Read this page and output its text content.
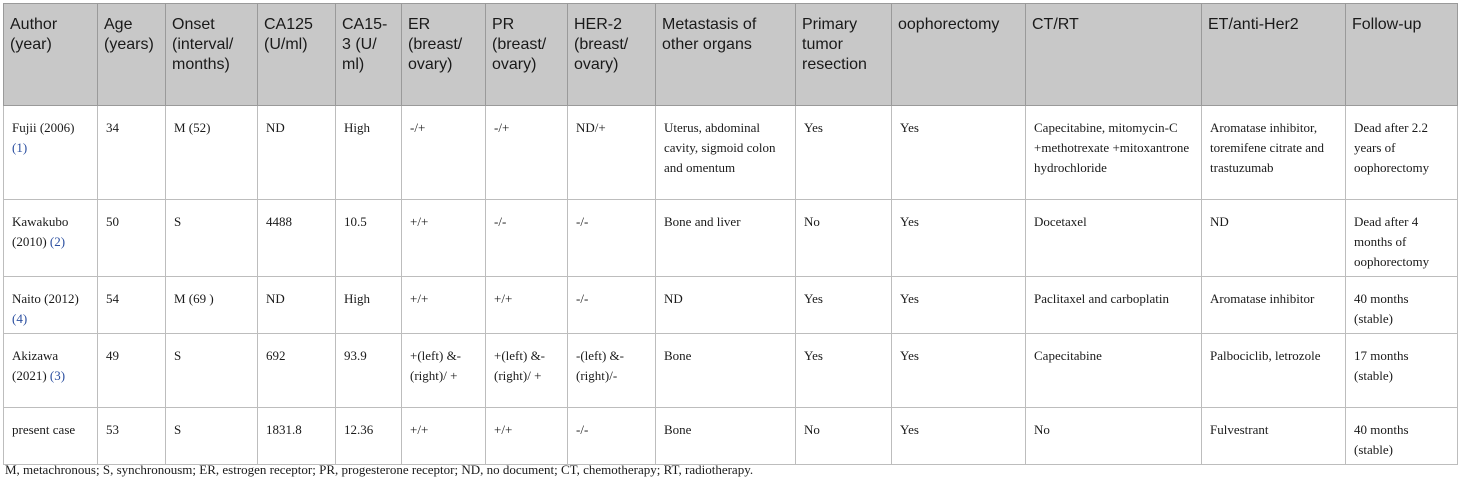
Author (year)	Age (years)	Onset (interval/ months)	CA125 (U/ml)	CA15-3 (U/ ml)	ER (breast/ ovary)	PR (breast/ ovary)	HER-2 (breast/ ovary)	Metastasis of other organs	Primary tumor resection	oophorectomy	CT/RT	ET/anti-Her2	Follow-up
Fujii (2006) (1)	34	M (52)	ND	High	-/+	-/+	ND/+	Uterus, abdominal cavity, sigmoid colon and omentum	Yes	Yes	Capecitabine, mitomycin-C +methotrexate +mitoxantrone hydrochloride	Aromatase inhibitor, toremifene citrate and trastuzumab	Dead after 2.2 years of oophorectomy
Kawakubo (2010) (2)	50	S	4488	10.5	+/+	-/-	-/-	Bone and liver	No	Yes	Docetaxel	ND	Dead after 4 months of oophorectomy
Naito (2012) (4)	54	M (69 )	ND	High	+/+	+/+	-/-	ND	Yes	Yes	Paclitaxel and carboplatin	Aromatase inhibitor	40 months (stable)
Akizawa (2021) (3)	49	S	692	93.9	+(left) &-(right)/ +	+(left) &-(right)/ +	-(left) &-(right)/-	Bone	Yes	Yes	Capecitabine	Palbociclib, letrozole	17 months (stable)
present case	53	S	1831.8	12.36	+/+	+/+	-/-	Bone	No	Yes	No	Fulvestrant	40 months (stable)
M, metachronous; S, synchronousm; ER, estrogen receptor; PR, progesterone receptor; ND, no document; CT, chemotherapy; RT, radiotherapy.
